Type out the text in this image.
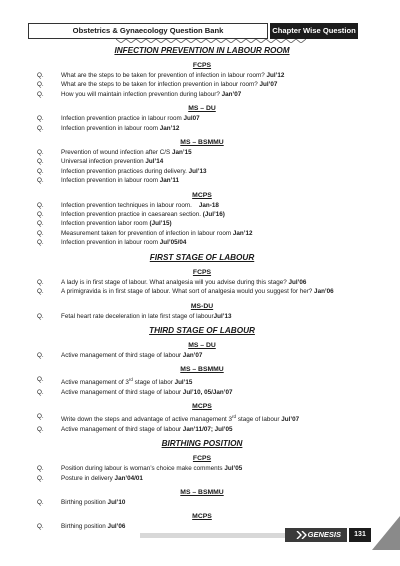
Obstetrics & Gynaecology Question Bank	Chapter Wise Question
INFECTION PREVENTION IN LABOUR ROOM
FCPS
Q.	What are the steps to be taken for prevention of infection in labour room? Jul’12
Q.	What are the steps to be taken for infection prevention in labour room? Jul’07
Q.	How you will maintain infection prevention during labour? Jan’07
MS – DU
Q.	Infection prevention practice in labour room Jul07
Q.	Infection prevention in labour room Jan’12
MS – BSMMU
Q.	Prevention of wound infection after C/S Jan’15
Q.	Universal infection prevention Jul’14
Q.	Infection prevention practices during delivery. Jul’13
Q.	Infection prevention in labour room Jan’11
MCPS
Q.	Infection prevention techniques in labour room.    Jan-18
Q.	Infection prevention practice in caesarean section. (Jul’16)
Q.	Infection prevention labor room (Jul’15)
Q.	Measurement taken for prevention of infection in labour room Jan’12
Q.	Infection prevention in labour room Jul’05/04
FIRST STAGE OF LABOUR
FCPS
Q.	A lady is in first stage of labour. What analgesia will you advise during this stage? Jul’06
Q.	A primigravida is in first stage of labour. What sort of analgesia would you suggest for her? Jan’06
MS-DU
Q.	Fetal heart rate deceleration in late first stage of labourJul’13
THIRD STAGE OF LABOUR
MS – DU
Q.	Active management of third stage of labour Jan’07
MS – BSMMU
Q.	Active management of 3rd stage of labor Jul’15
Q.	Active management of third stage of labour Jul’10, 05/Jan’07
MCPS
Q.	Write down the steps and advantage of active management 3rd stage of labour Jul’07
Q.	Active management of third stage of labour Jan’11/07; Jul’05
BIRTHING POSITION
FCPS
Q.	Position during labour is woman’s choice make comments Jul’05
Q.	Posture in delivery Jan’04/01
MS – BSMMU
Q.	Birthing position Jul’10
MCPS
Q.	Birthing position Jul’06
GENESIS	131
